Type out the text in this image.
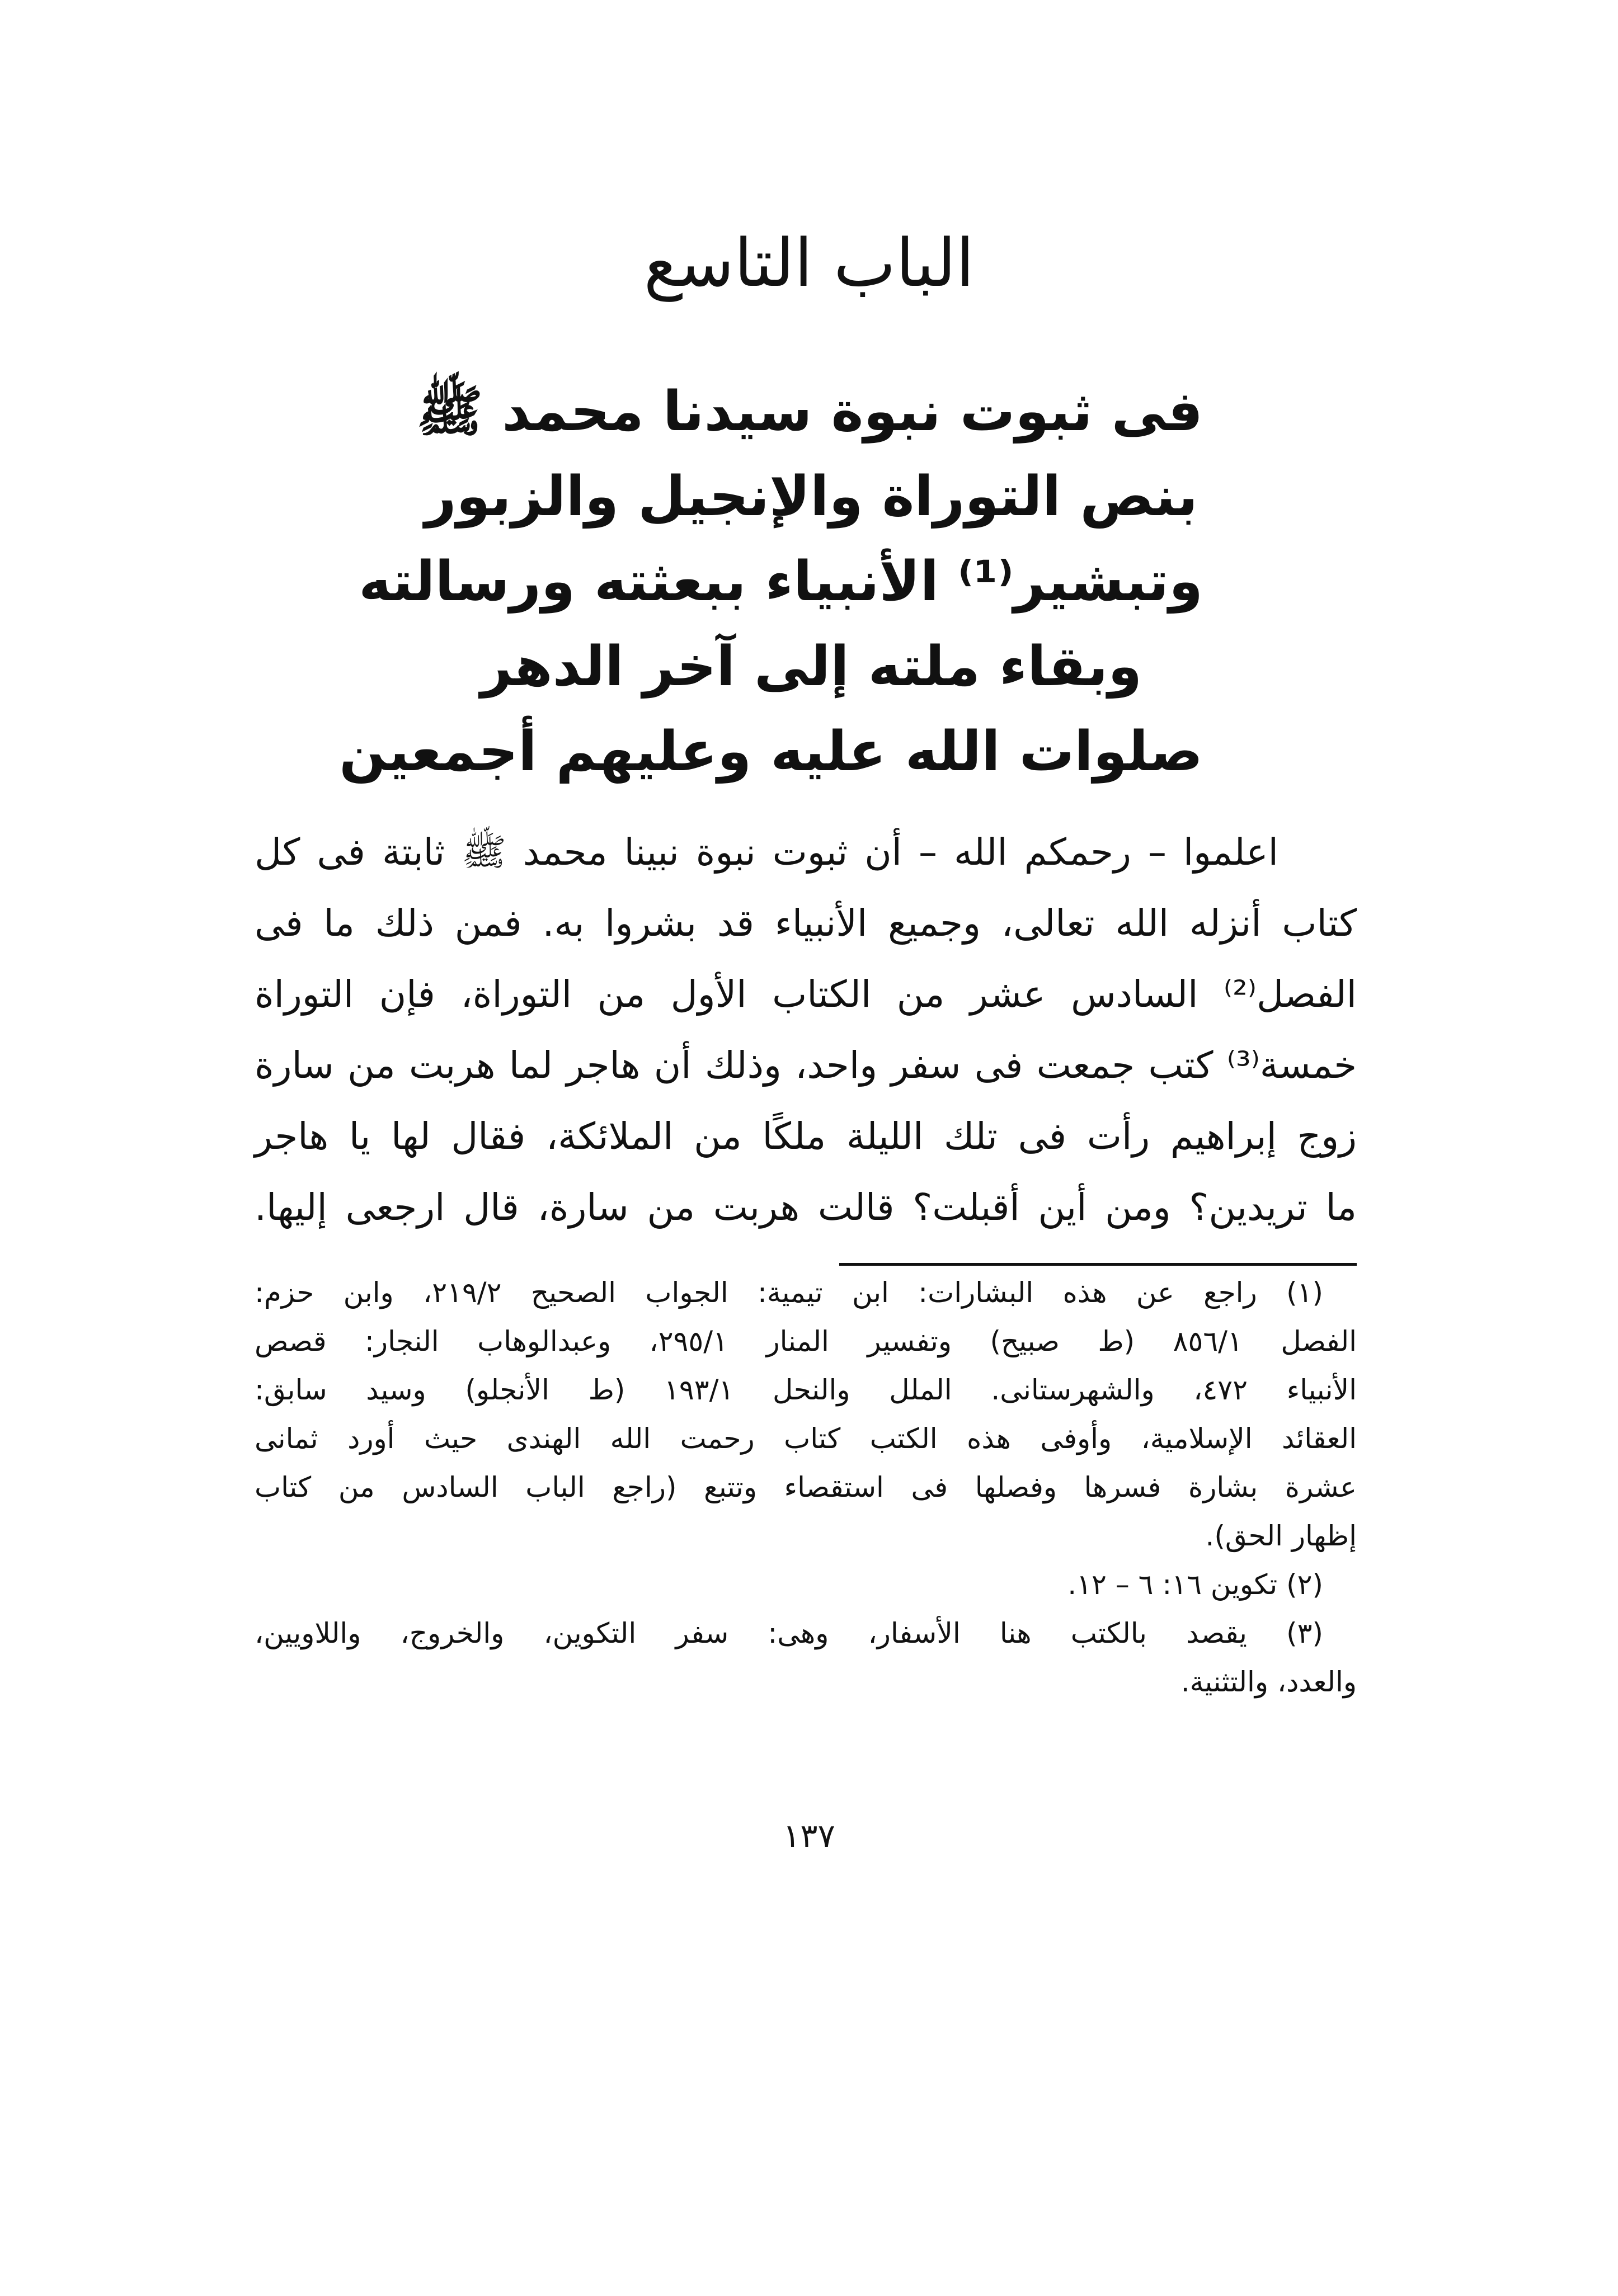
الباب التاسع
فى ثبوت نبوة سيدنا محمد ﷺ
بنص التوراة والإنجيل والزبور
وتبشير⁽¹⁾ الأنبياء ببعثته ورسالته
وبقاء ملته إلى آخر الدهر
صلوات الله عليه وعليهم أجمعين
اعلموا – رحمكم الله – أن ثبوت نبوة نبينا محمد ﷺ ثابتة فى كل
كتاب أنزله الله تعالى، وجميع الأنبياء قد بشروا به. فمن ذلك ما فى
الفصل⁽²⁾ السادس عشر من الكتاب الأول من التوراة، فإن التوراة
خمسة⁽³⁾ كتب جمعت فى سفر واحد، وذلك أن هاجر لما هربت من سارة
زوج إبراهيم رأت فى تلك الليلة ملكًا من الملائكة، فقال لها يا هاجر
ما تريدين؟ ومن أين أقبلت؟ قالت هربت من سارة، قال ارجعى إليها.
(١) راجع عن هذه البشارات: ابن تيمية: الجواب الصحيح ٢١٩/٢، وابن حزم:
الفصل ٨٥٦/١ (ط صبيح) وتفسير المنار ٢٩٥/١، وعبدالوهاب النجار: قصص
الأنبياء ٤٧٢، والشهرستانى. الملل والنحل ١٩٣/١ (ط الأنجلو) وسيد سابق:
العقائد الإسلامية، وأوفى هذه الكتب كتاب رحمت الله الهندى حيث أورد ثمانى
عشرة بشارة فسرها وفصلها فى استقصاء وتتبع (راجع الباب السادس من كتاب
إظهار الحق).
(٢) تكوين ١٦: ٦ – ١٢.
(٣) يقصد بالكتب هنا الأسفار، وهى: سفر التكوين، والخروج، واللاويين،
والعدد، والتثنية.
١٣٧
